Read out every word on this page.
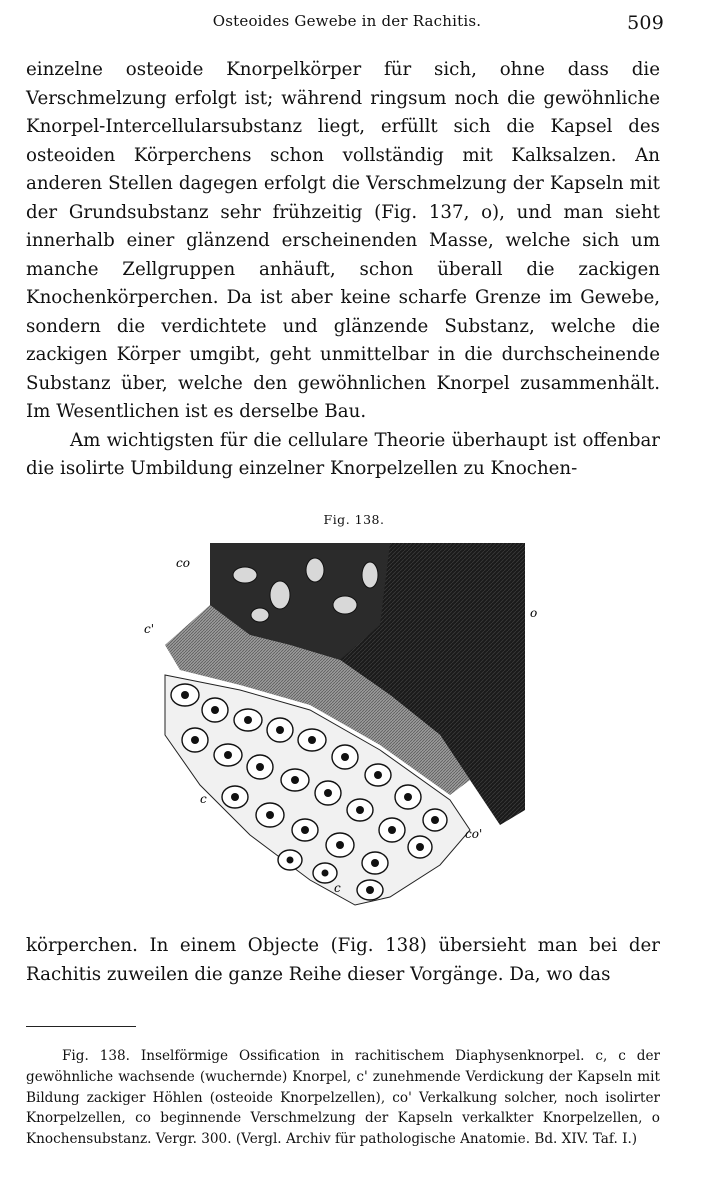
Osteoides Gewebe in der Rachitis.	509

einzelne osteoide Knorpelkörper für sich, ohne dass die Verschmelzung erfolgt ist; während ringsum noch die gewöhnliche Knorpel-Intercellularsubstanz liegt, erfüllt sich die Kapsel des osteoiden Körperchens schon vollständig mit Kalksalzen. An anderen Stellen dagegen erfolgt die Verschmelzung der Kapseln mit der Grundsubstanz sehr frühzeitig (Fig. 137, o), und man sieht innerhalb einer glänzend erscheinenden Masse, welche sich um manche Zellgruppen anhäuft, schon überall die zackigen Knochenkörperchen. Da ist aber keine scharfe Grenze im Gewebe, sondern die verdichtete und glänzende Substanz, welche die zackigen Körper umgibt, geht unmittelbar in die durchscheinende Substanz über, welche den gewöhnlichen Knorpel zusammenhält. Im Wesentlichen ist es derselbe Bau.

Am wichtigsten für die cellulare Theorie überhaupt ist offenbar die isolirte Umbildung einzelner Knorpelzellen zu Knochen-

Fig. 138.
co
c'
o
c
co'
c

körperchen. In einem Objecte (Fig. 138) übersieht man bei der Rachitis zuweilen die ganze Reihe dieser Vorgänge. Da, wo das

Fig. 138. Inselförmige Ossification in rachitischem Diaphysenknorpel. c, c der gewöhnliche wachsende (wuchernde) Knorpel, c' zunehmende Verdickung der Kapseln mit Bildung zackiger Höhlen (osteoide Knorpelzellen), co' Verkalkung solcher, noch isolirter Knorpelzellen, co beginnende Verschmelzung der Kapseln verkalkter Knorpelzellen, o Knochensubstanz. Vergr. 300. (Vergl. Archiv für pathologische Anatomie. Bd. XIV. Taf. I.)
